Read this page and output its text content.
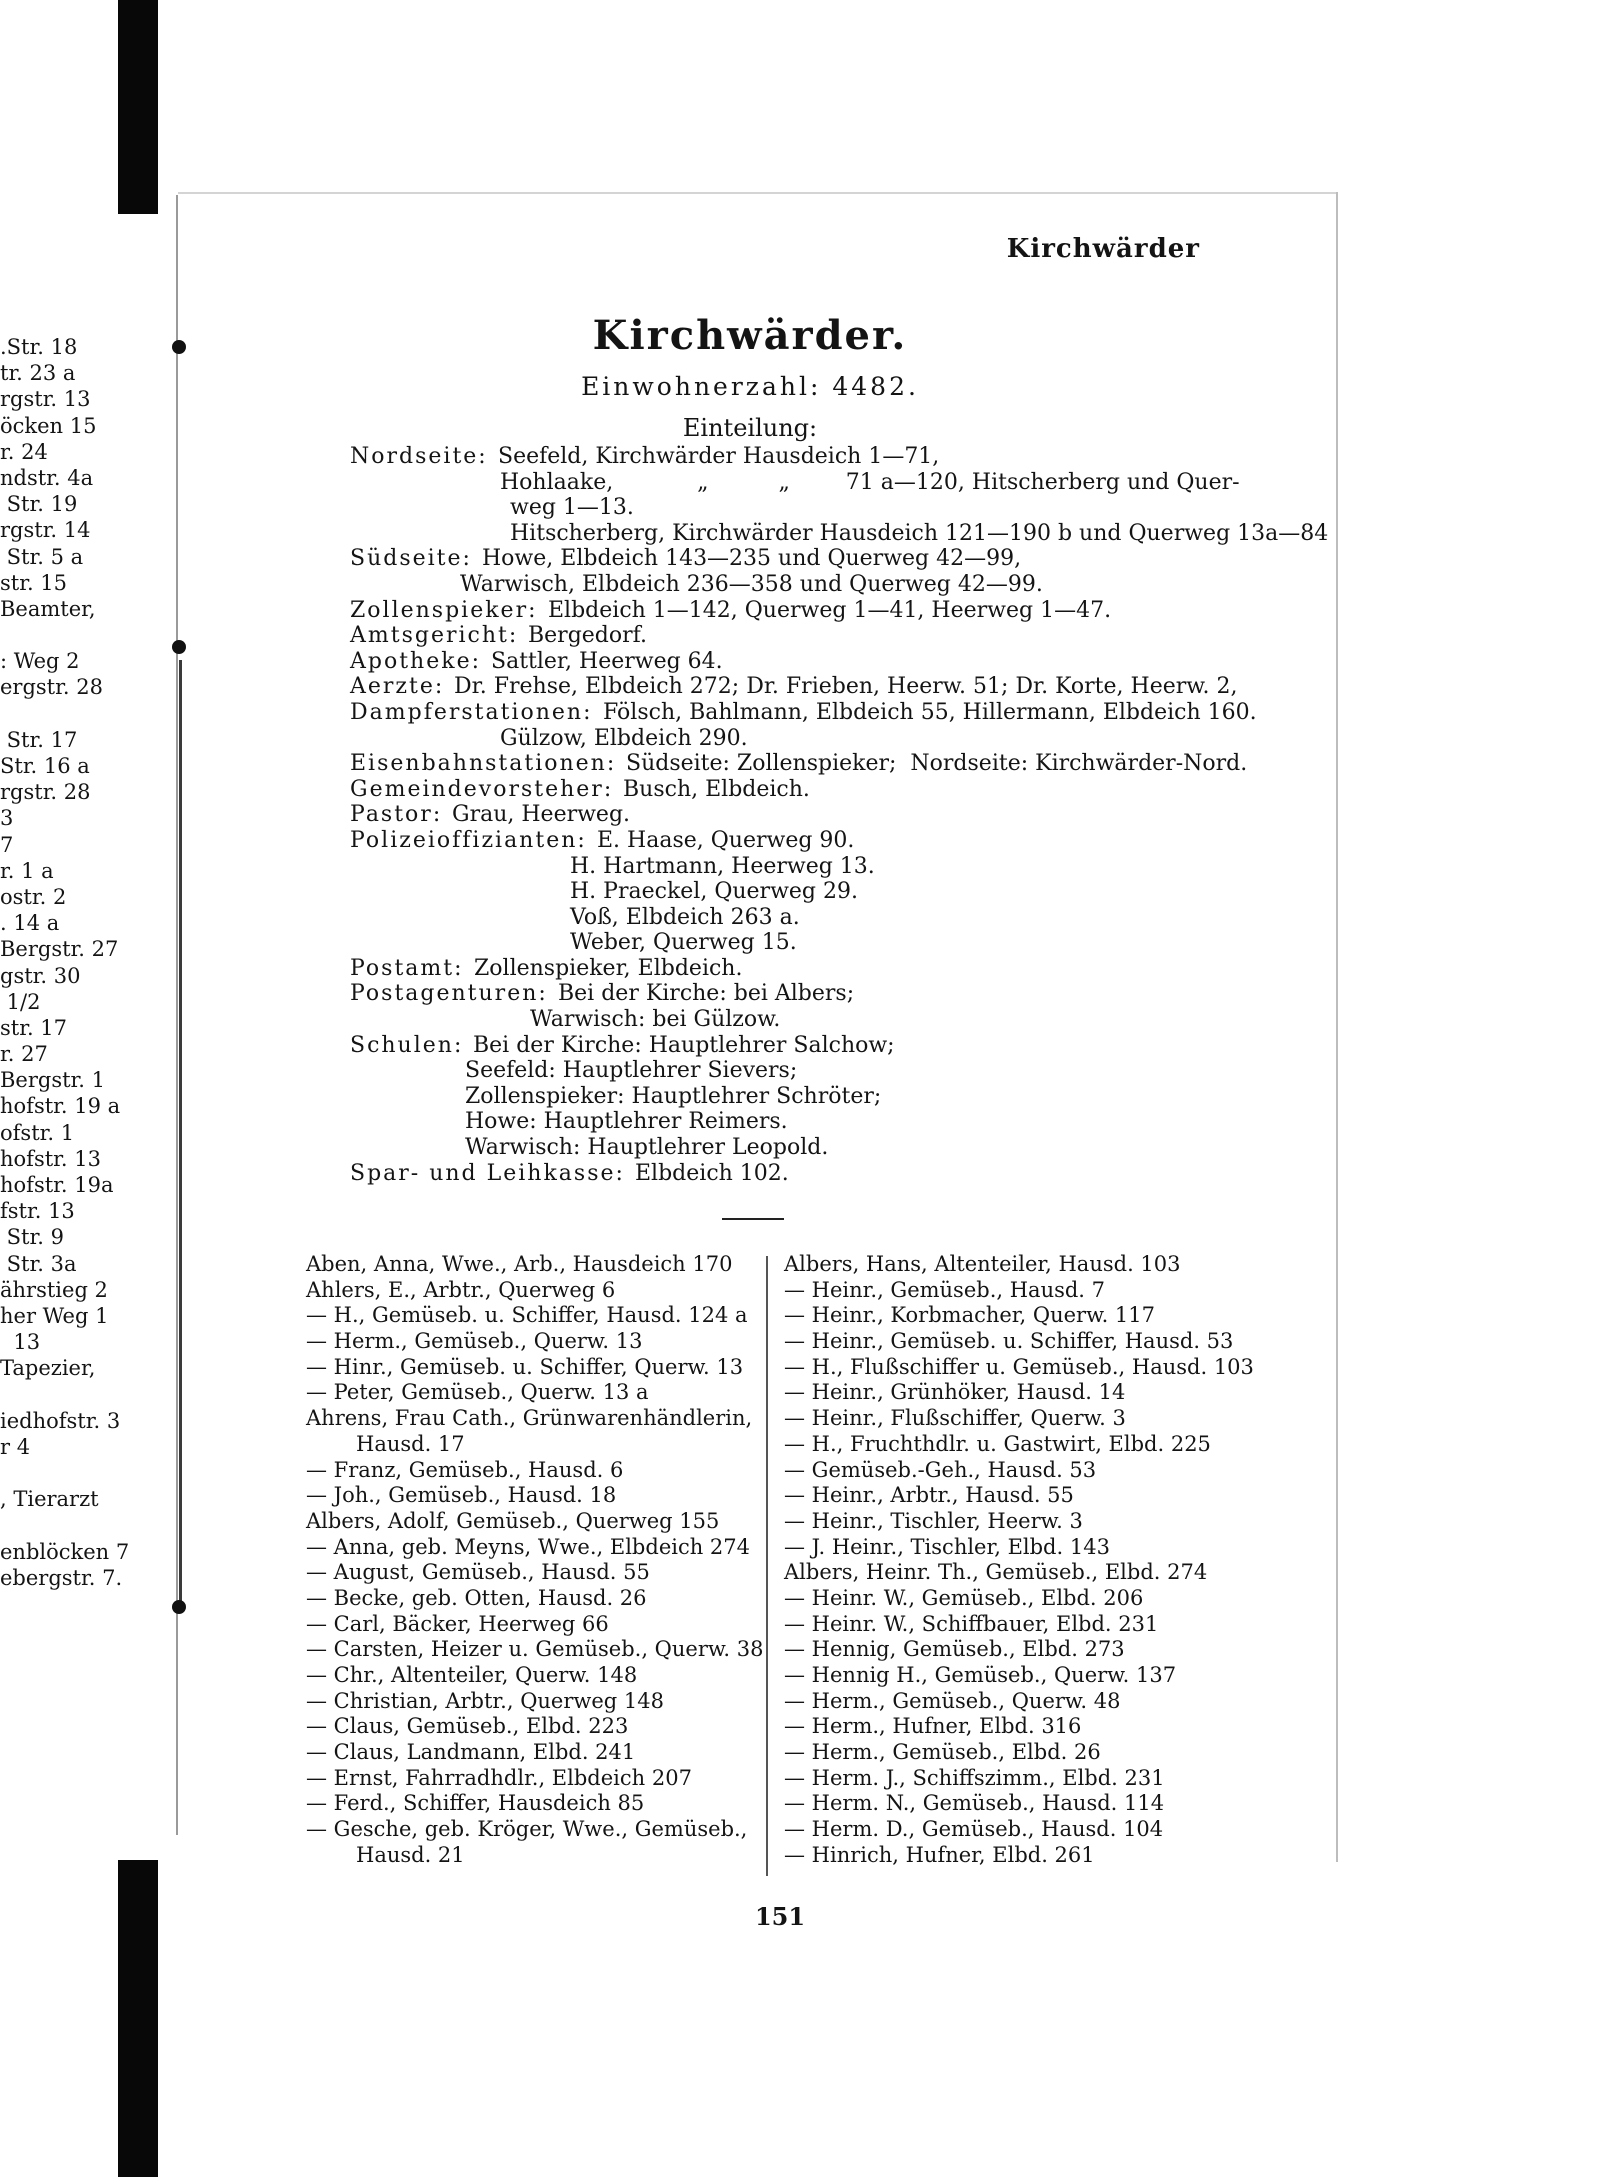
.Str. 18
tr. 23 a
rgstr. 13
öcken 15
r. 24
ndstr. 4a
Str. 19
rgstr. 14
Str. 5 a
str. 15
Beamter,
: Weg 2
ergstr. 28
Str. 17
Str. 16 a
rgstr. 28
3
7
r. 1 a
ostr. 2
. 14 a
Bergstr. 27
gstr. 30
1/2
str. 17
r. 27
Bergstr. 1
hofstr. 19 a
ofstr. 1
hofstr. 13
hofstr. 19a
fstr. 13
Str. 9
Str. 3a
ährstieg 2
her Weg 1
13
Tapezier,
iedhofstr. 3
r 4
, Tierarzt
enblöcken 7
ebergstr. 7.
Kirchwärder
Kirchwärder.
Einwohnerzahl: 4482.
Einteilung:
Nordseite: Seefeld, Kirchwärder Hausdeich 1—71,
Hohlaake,            „          „        71 a—120, Hitscherberg und Quer-
weg 1—13.
Hitscherberg, Kirchwärder Hausdeich 121—190 b und Querweg 13a—84
Südseite: Howe, Elbdeich 143—235 und Querweg 42—99,
Warwisch, Elbdeich 236—358 und Querweg 42—99.
Zollenspieker: Elbdeich 1—142, Querweg 1—41, Heerweg 1—47.
Amtsgericht: Bergedorf.
Apotheke: Sattler, Heerweg 64.
Aerzte: Dr. Frehse, Elbdeich 272; Dr. Frieben, Heerw. 51; Dr. Korte, Heerw. 2,
Dampferstationen: Fölsch, Bahlmann, Elbdeich 55, Hillermann, Elbdeich 160.
Gülzow, Elbdeich 290.
Eisenbahnstationen: Südseite: Zollenspieker;  Nordseite: Kirchwärder-Nord.
Gemeindevorsteher: Busch, Elbdeich.
Pastor: Grau, Heerweg.
Polizeioffizianten: E. Haase, Querweg 90.
H. Hartmann, Heerweg 13.
H. Praeckel, Querweg 29.
Voß, Elbdeich 263 a.
Weber, Querweg 15.
Postamt: Zollenspieker, Elbdeich.
Postagenturen: Bei der Kirche: bei Albers;
Warwisch: bei Gülzow.
Schulen: Bei der Kirche: Hauptlehrer Salchow;
Seefeld: Hauptlehrer Sievers;
Zollenspieker: Hauptlehrer Schröter;
Howe: Hauptlehrer Reimers.
Warwisch: Hauptlehrer Leopold.
Spar- und Leihkasse: Elbdeich 102.
Aben, Anna, Wwe., Arb., Hausdeich 170
Ahlers, E., Arbtr., Querweg 6
— H., Gemüseb. u. Schiffer, Hausd. 124 a
— Herm., Gemüseb., Querw. 13
— Hinr., Gemüseb. u. Schiffer, Querw. 13
— Peter, Gemüseb., Querw. 13 a
Ahrens, Frau Cath., Grünwarenhändlerin,
Hausd. 17
— Franz, Gemüseb., Hausd. 6
— Joh., Gemüseb., Hausd. 18
Albers, Adolf, Gemüseb., Querweg 155
— Anna, geb. Meyns, Wwe., Elbdeich 274
— August, Gemüseb., Hausd. 55
— Becke, geb. Otten, Hausd. 26
— Carl, Bäcker, Heerweg 66
— Carsten, Heizer u. Gemüseb., Querw. 38
— Chr., Altenteiler, Querw. 148
— Christian, Arbtr., Querweg 148
— Claus, Gemüseb., Elbd. 223
— Claus, Landmann, Elbd. 241
— Ernst, Fahrradhdlr., Elbdeich 207
— Ferd., Schiffer, Hausdeich 85
— Gesche, geb. Kröger, Wwe., Gemüseb.,
Hausd. 21
Albers, Hans, Altenteiler, Hausd. 103
— Heinr., Gemüseb., Hausd. 7
— Heinr., Korbmacher, Querw. 117
— Heinr., Gemüseb. u. Schiffer, Hausd. 53
— H., Flußschiffer u. Gemüseb., Hausd. 103
— Heinr., Grünhöker, Hausd. 14
— Heinr., Flußschiffer, Querw. 3
— H., Fruchthdlr. u. Gastwirt, Elbd. 225
— Gemüseb.-Geh., Hausd. 53
— Heinr., Arbtr., Hausd. 55
— Heinr., Tischler, Heerw. 3
— J. Heinr., Tischler, Elbd. 143
Albers, Heinr. Th., Gemüseb., Elbd. 274
— Heinr. W., Gemüseb., Elbd. 206
— Heinr. W., Schiffbauer, Elbd. 231
— Hennig, Gemüseb., Elbd. 273
— Hennig H., Gemüseb., Querw. 137
— Herm., Gemüseb., Querw. 48
— Herm., Hufner, Elbd. 316
— Herm., Gemüseb., Elbd. 26
— Herm. J., Schiffszimm., Elbd. 231
— Herm. N., Gemüseb., Hausd. 114
— Herm. D., Gemüseb., Hausd. 104
— Hinrich, Hufner, Elbd. 261
151
